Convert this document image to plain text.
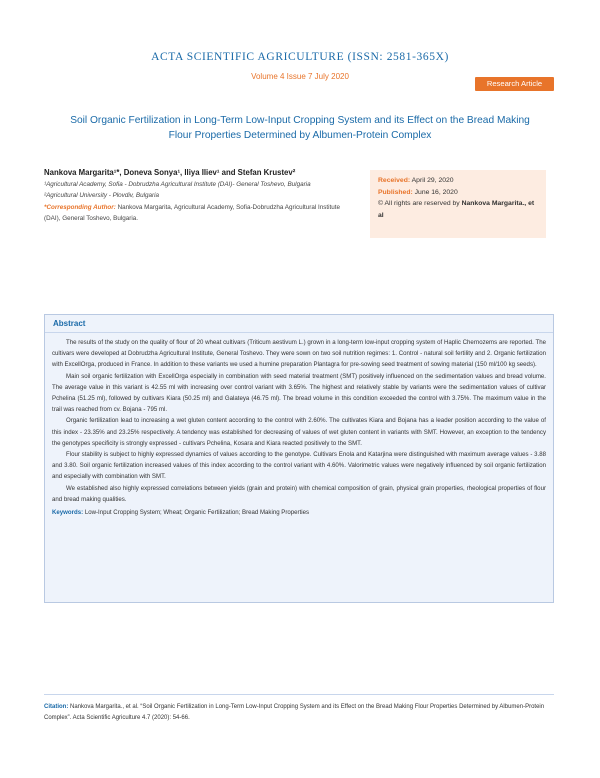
ACTA SCIENTIFIC AGRICULTURE (ISSN: 2581-365X)
Volume 4 Issue 7 July 2020
Research Article
Soil Organic Fertilization in Long-Term Low-Input Cropping System and its Effect on the Bread Making Flour Properties Determined by Albumen-Protein Complex
Nankova Margarita¹*, Doneva Sonya¹, Iliya Iliev¹ and Stefan Krustev²
¹Agricultural Academy, Sofia - Dobrudzha Agricultural Institute (DAI)- General Toshevo, Bulgaria
²Agricultural University - Plovdiv, Bulgaria
*Corresponding Author: Nankova Margarita, Agricultural Academy, Sofia-Dobrudzha Agricultural Institute (DAI), General Toshevo, Bulgaria.
Received: April 29, 2020
Published: June 16, 2020
© All rights are reserved by Nankova Margarita., et al
Abstract

The results of the study on the quality of flour of 20 wheat cultivars (Triticum aestivum L.) grown in a long-term low-input cropping system of Haplic Chernozems are reported. The cultivars were developed at Dobrudzha Agricultural Institute, General Toshevo. They were sown on two soil nutrition regimes: 1. Control - natural soil fertility and 2. Organic fertilization with ExcellOrga, produced in France. In addition to these variants we used a humine preparation Plantagra for pre-sowing seed treatment of sowing material (150 ml/100 kg seeds).

Main soil organic fertilization with ExcellOrga especially in combination with seed material treatment (SMT) positively influenced on the sedimentation values and bread volume. The average value in this variant is 42.55 ml with increasing over control variant with 3.65%. The highest and relatively stable by variants were the sedimentation values of cultivar Pchelina (51.25 ml), followed by cultivars Kiara (50.25 ml) and Galateya (46.75 ml). The bread volume in this condition exceeded the control with 3.75%. The maximum value in the trail was reached from cv. Bojana - 795 ml.

Organic fertilization lead to increasing a wet gluten content according to the control with 2.60%. The cultivates Kiara and Bojana has a leader position according to the value of this index - 23.35% and 23.25% respectively. A tendency was established for decreasing of values of wet gluten content in variants with SMT. However, an exception to the tendency the genotypes specificity is strongly expressed - cultivars Pchelina, Kosara and Kiara reacted positively to the SMT.

Flour stability is subject to highly expressed dynamics of values according to the genotype. Cultivars Enola and Katarjina were distinguished with maximum average values - 3.88 and 3.80. Soil organic fertilization increased values of this index according to the control variant with 4.60%. Valorimetric values were negatively influenced by soil organic fertilization and especially with combination with SMT.

We established also highly expressed correlations between yields (grain and protein) with chemical composition of grain, physical grain properties, rheological properties of flour and bread making qualities.

Keywords: Low-Input Cropping System; Wheat; Organic Fertilization; Bread Making Properties
Citation: Nankova Margarita., et al. “Soil Organic Fertilization in Long-Term Low-Input Cropping System and its Effect on the Bread Making Flour Properties Determined by Albumen-Protein Complex”. Acta Scientific Agriculture 4.7 (2020): 54-66.
